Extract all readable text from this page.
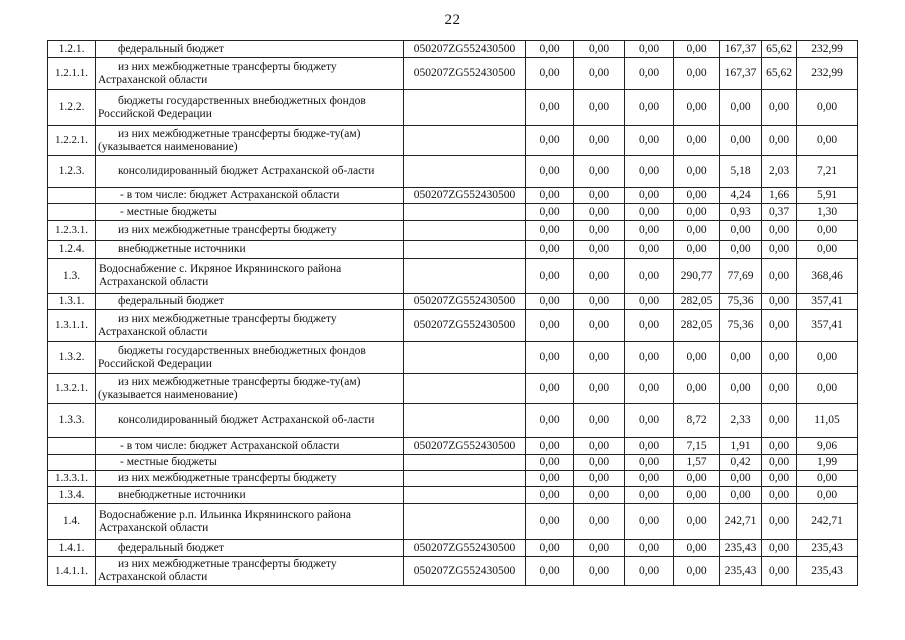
22
1.2.1.	федеральный бюджет	050207ZG552430500	0,00	0,00	0,00	0,00	167,37	65,62	232,99
1.2.1.1.	из них межбюджетные трансферты бюджету Астраханской области	050207ZG552430500	0,00	0,00	0,00	0,00	167,37	65,62	232,99
1.2.2.	бюджеты государственных внебюджетных фондов Российской Федерации		0,00	0,00	0,00	0,00	0,00	0,00	0,00
1.2.2.1.	из них межбюджетные трансферты бюдже-ту(ам) (указывается наименование)		0,00	0,00	0,00	0,00	0,00	0,00	0,00
1.2.3.	консолидированный бюджет Астраханской об-ласти		0,00	0,00	0,00	0,00	5,18	2,03	7,21
	- в том числе: бюджет Астраханской области	050207ZG552430500	0,00	0,00	0,00	0,00	4,24	1,66	5,91
	- местные бюджеты		0,00	0,00	0,00	0,00	0,93	0,37	1,30
1.2.3.1.	из них межбюджетные трансферты бюджету		0,00	0,00	0,00	0,00	0,00	0,00	0,00
1.2.4.	внебюджетные источники		0,00	0,00	0,00	0,00	0,00	0,00	0,00
1.3.	Водоснабжение с. Икряное Икрянинского района Астраханской области		0,00	0,00	0,00	290,77	77,69	0,00	368,46
1.3.1.	федеральный бюджет	050207ZG552430500	0,00	0,00	0,00	282,05	75,36	0,00	357,41
1.3.1.1.	из них межбюджетные трансферты бюджету Астраханской области	050207ZG552430500	0,00	0,00	0,00	282,05	75,36	0,00	357,41
1.3.2.	бюджеты государственных внебюджетных фондов Российской Федерации		0,00	0,00	0,00	0,00	0,00	0,00	0,00
1.3.2.1.	из них межбюджетные трансферты бюдже-ту(ам) (указывается наименование)		0,00	0,00	0,00	0,00	0,00	0,00	0,00
1.3.3.	консолидированный бюджет Астраханской об-ласти		0,00	0,00	0,00	8,72	2,33	0,00	11,05
	- в том числе: бюджет Астраханской области	050207ZG552430500	0,00	0,00	0,00	7,15	1,91	0,00	9,06
	- местные бюджеты		0,00	0,00	0,00	1,57	0,42	0,00	1,99
1.3.3.1.	из них межбюджетные трансферты бюджету		0,00	0,00	0,00	0,00	0,00	0,00	0,00
1.3.4.	внебюджетные источники		0,00	0,00	0,00	0,00	0,00	0,00	0,00
1.4.	Водоснабжение р.п. Ильинка Икрянинского района Астраханской области		0,00	0,00	0,00	0,00	242,71	0,00	242,71
1.4.1.	федеральный бюджет	050207ZG552430500	0,00	0,00	0,00	0,00	235,43	0,00	235,43
1.4.1.1.	из них межбюджетные трансферты бюджету Астраханской области	050207ZG552430500	0,00	0,00	0,00	0,00	235,43	0,00	235,43
